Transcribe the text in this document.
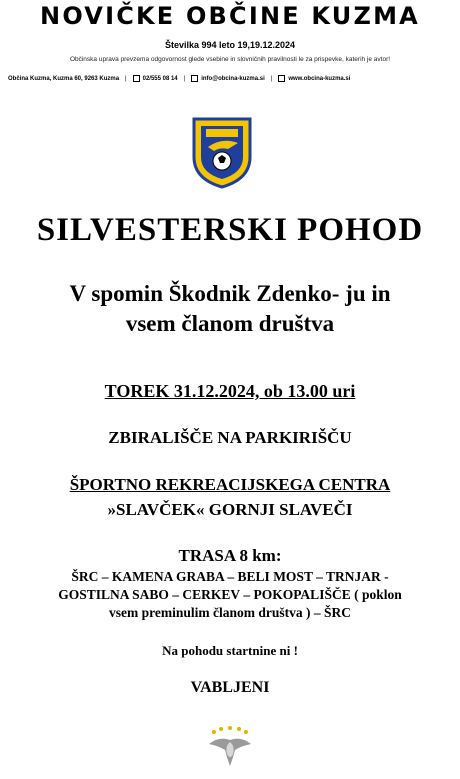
NOVIČKE OBČINE KUZMA
Številka 994 leto 19,19.12.2024
Občinska uprava prevzema odgovornost glede vsebine in slovničnih pravilnosti le za prispevke, katerih je avtor!
Občina Kuzma, Kuzma 60, 9263 Kuzma |	02/555 08 14 |	info@obcina-kuzma.si |	www.obcina-kuzma.si
SILVESTERSKI POHOD
V spomin Škodnik Zdenko- ju in
vsem članom društva
TOREK 31.12.2024, ob 13.00 uri
ZBIRALIŠČE NA PARKIRIŠČU
ŠPORTNO REKREACIJSKEGA CENTRA
»SLAVČEK« GORNJI SLAVEČI
TRASA 8 km:
ŠRC – KAMENA GRABA – BELI MOST – TRNJAR -
GOSTILNA SABO – CERKEV – POKOPALIŠČE ( poklon
vsem preminulim članom društva ) – ŠRC
Na pohodu startnine ni !
VABLJENI
